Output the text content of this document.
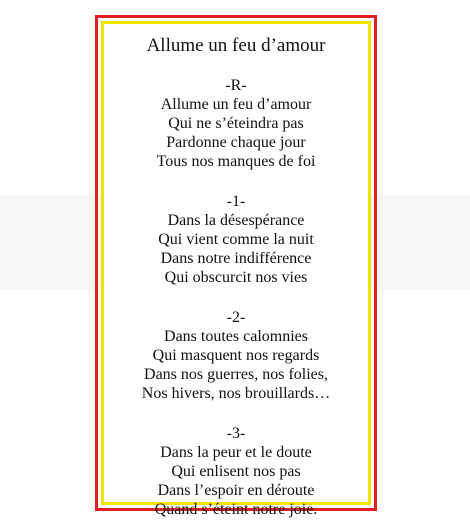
Allume un feu d’amour
-R-
Allume un feu d’amour
Qui ne s’éteindra pas
Pardonne chaque jour
Tous nos manques de foi
-1-
Dans la désespérance
Qui vient comme la nuit
Dans notre indifférence
Qui obscurcit nos vies
-2-
Dans toutes calomnies
Qui masquent nos regards
Dans nos guerres, nos folies,
Nos hivers, nos brouillards…
-3-
Dans la peur et le doute
Qui enlisent nos pas
Dans l’espoir en déroute
Quand s’éteint notre joie.
